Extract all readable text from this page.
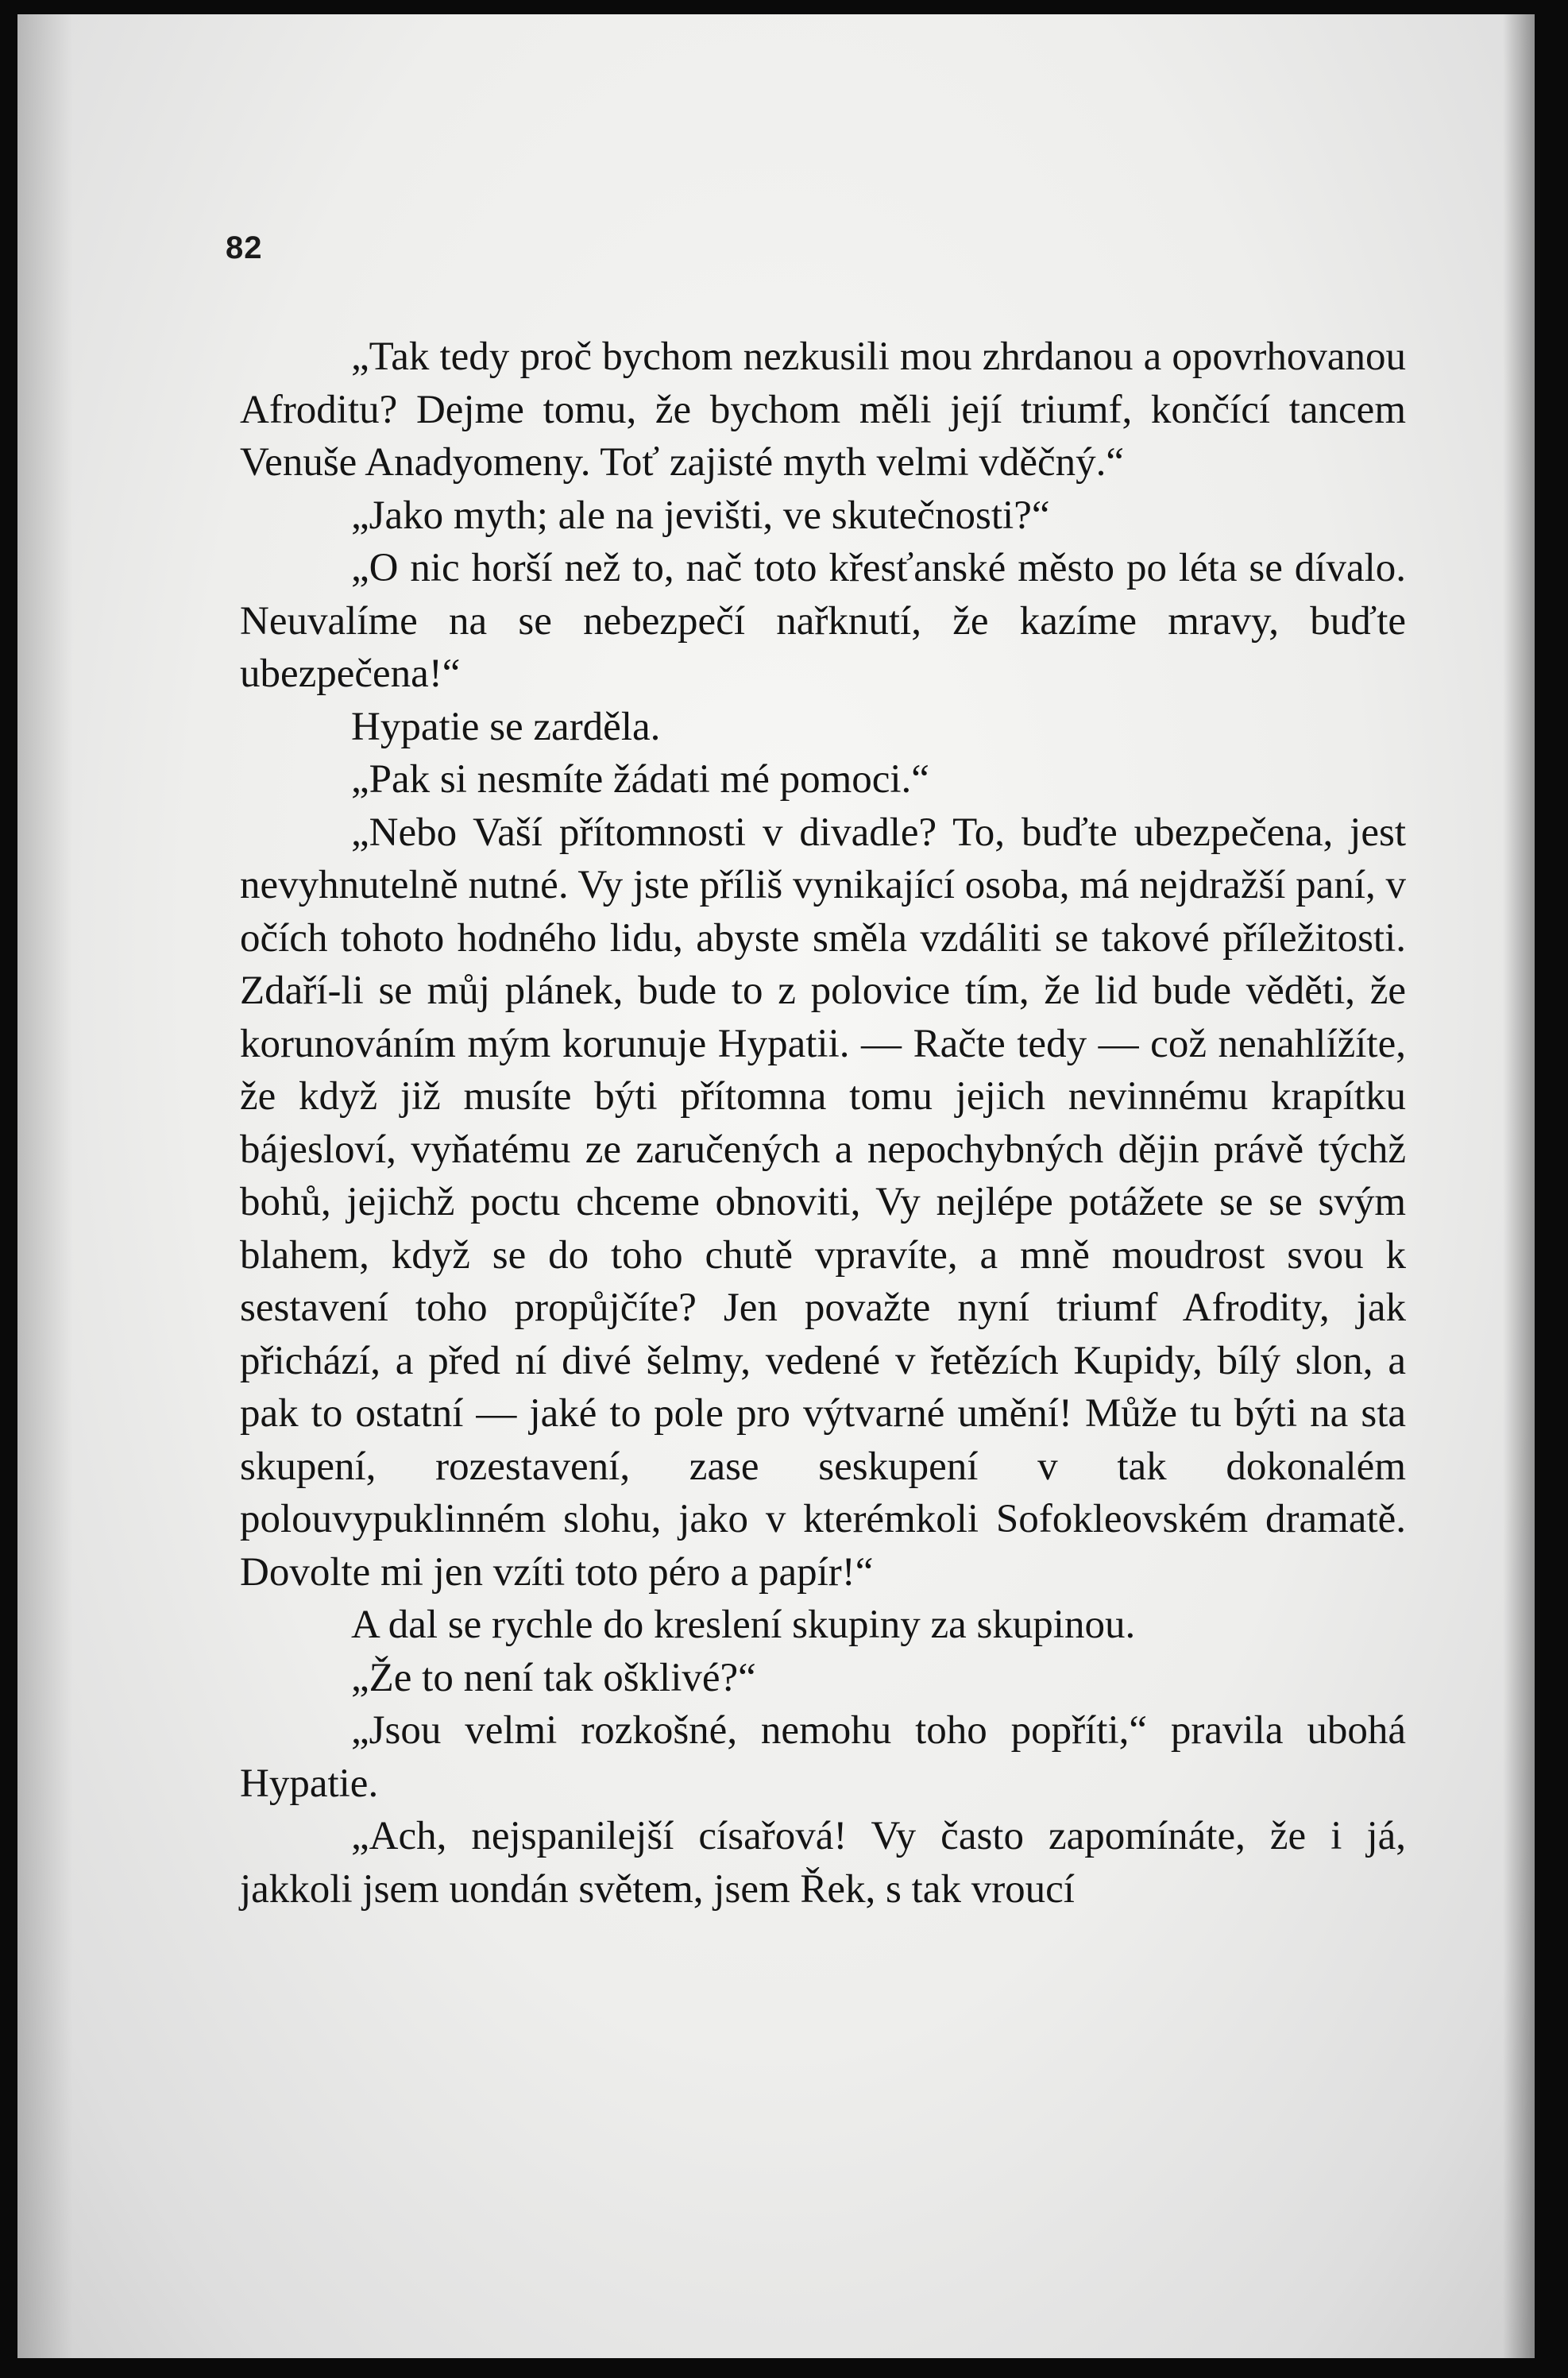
82

„Tak tedy proč bychom nezkusili mou zhrdanou a opovrhovanou Afroditu? Dejme tomu, že bychom měli její triumf, končící tancem Venuše Anadyomeny. Toť zajisté myth velmi vděčný.“

„Jako myth; ale na jevišti, ve skutečnosti?“

„O nic horší než to, nač toto křesťanské město po léta se dívalo. Neuvalíme na se nebezpečí nařknutí, že kazíme mravy, buďte ubezpečena!“

Hypatie se zarděla.

„Pak si nesmíte žádati mé pomoci.“

„Nebo Vaší přítomnosti v divadle? To, buďte ubezpečena, jest nevyhnutelně nutné. Vy jste příliš vynikající osoba, má nejdražší paní, v očích tohoto hodného lidu, abyste směla vzdáliti se takové příležitosti. Zdaří-li se můj plánek, bude to z polovice tím, že lid bude věděti, že korunováním mým korunuje Hypatii. — Račte tedy — což nenahlížíte, že když již musíte býti přítomna tomu jejich nevinnému krapítku bájesloví, vyňatému ze zaručených a nepochybných dějin právě týchž bohů, jejichž poctu chceme obnoviti, Vy nejlépe potážete se se svým blahem, když se do toho chutě vpravíte, a mně moudrost svou k sestavení toho propůjčíte? Jen považte nyní triumf Afrodity, jak přichází, a před ní divé šelmy, vedené v řetězích Kupidy, bílý slon, a pak to ostatní — jaké to pole pro výtvarné umění! Může tu býti na sta skupení, rozestavení, zase seskupení v tak dokonalém polouvypuklinném slohu, jako v kterémkoli Sofokleovském dramatě. Dovolte mi jen vzíti toto péro a papír!“

A dal se rychle do kreslení skupiny za skupinou.

„Že to není tak ošklivé?“

„Jsou velmi rozkošné, nemohu toho popříti,“ pravila ubohá Hypatie.

„Ach, nejspanilejší císařová! Vy často zapomínáte, že i já, jakkoli jsem uondán světem, jsem Řek, s tak vroucí
